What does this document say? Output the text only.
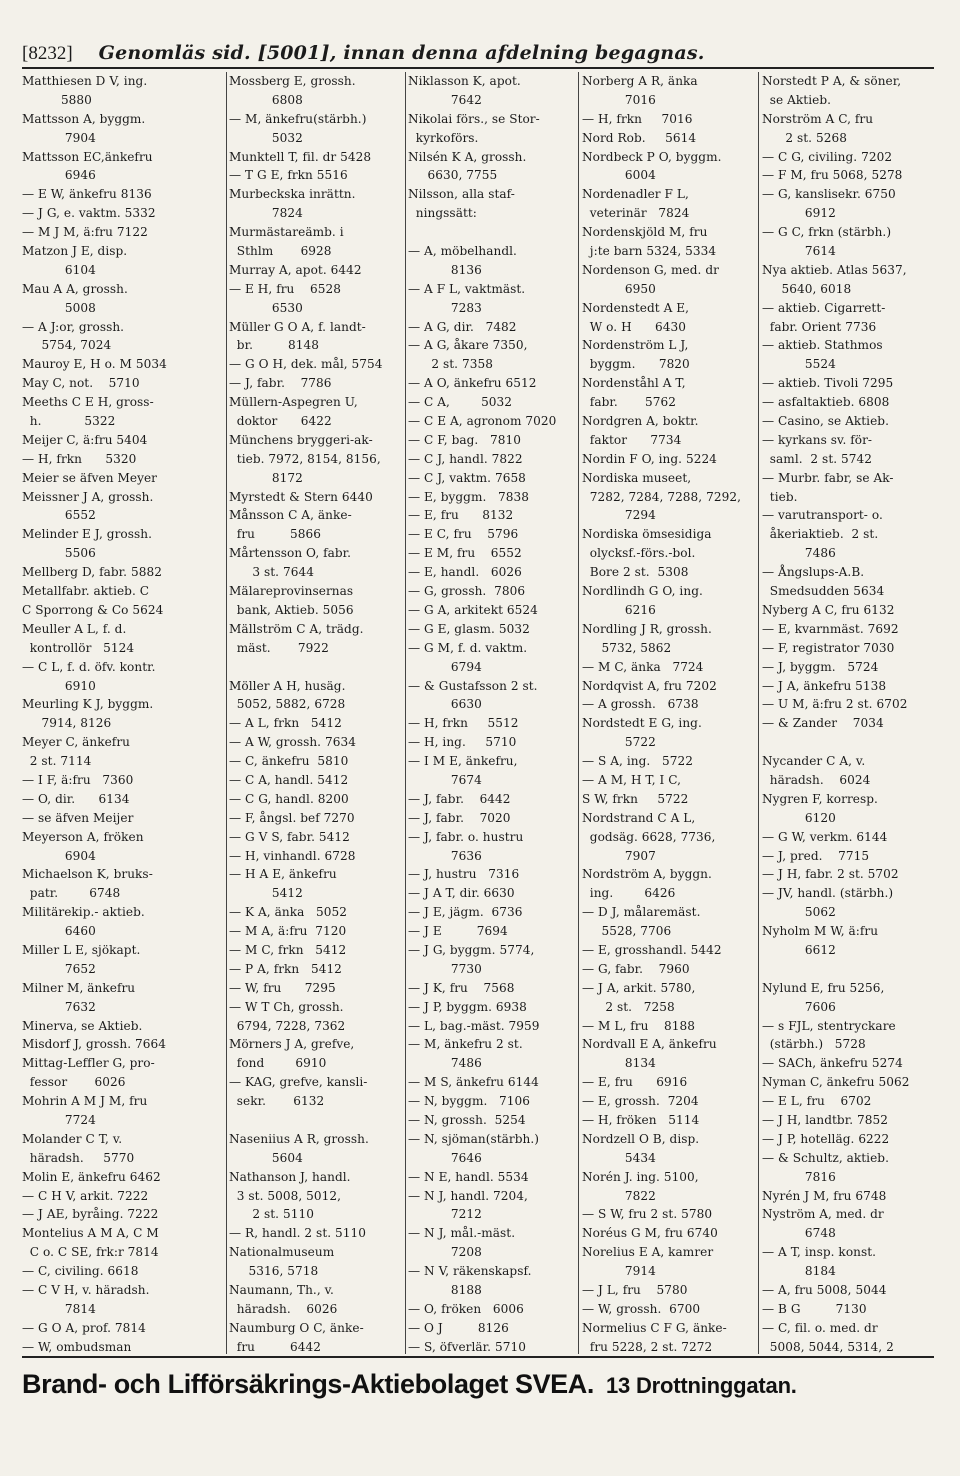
[8232] Genomläs sid. [5001], innan denna afdelning begagnas.
Matthiesen D V, ing.
5880
Mattsson A, byggm.
7904
Mattsson EC,änkefru
6946
— E W, änkefru 8136
— J G, e. vaktm. 5332
— M J M, ä:fru 7122
Matzon J E, disp.
6104
Mau A A, grossh.
5008
— A J:or, grossh.
5754, 7024
Mauroy E, H o. M 5034
May C, not.    5710
Meeths C E H, gross-
h.           5322
Meijer C, ä:fru 5404
— H, frkn      5320
Meier se äfven Meyer
Meissner J A, grossh.
6552
Melinder E J, grossh.
5506
Mellberg D, fabr. 5882
Metallfabr. aktieb. C
C Sporrong & Co 5624
Meuller A L, f. d.
kontrollör   5124
— C L, f. d. öfv. kontr.
6910
Meurling K J, byggm.
7914, 8126
Meyer C, änkefru
2 st. 7114
— I F, ä:fru   7360
— O, dir.      6134
— se äfven Meijer
Meyerson A, fröken
6904
Michaelson K, bruks-
patr.        6748
Militärekip.- aktieb.
6460
Miller L E, sjökapt.
7652
Milner M, änkefru
7632
Minerva, se Aktieb.
Misdorf J, grossh. 7664
Mittag-Leffler G, pro-
fessor       6026
Mohrin A M J M, fru
7724
Molander C T, v.
häradsh.     5770
Molin E, änkefru 6462
— C H V, arkit. 7222
— J AE, byråing. 7222
Montelius A M A, C M
C o. C SE, frk:r 7814
— C, civiling. 6618
— C V H, v. häradsh.
7814
— G O A, prof. 7814
— W, ombudsman
Mossberg E, grossh.
6808
— M, änkefru(stärbh.)
5032
Munktell T, fil. dr 5428
— T G E, frkn 5516
Murbeckska inrättn.
7824
Murmästareämb. i
Sthlm       6928
Murray A, apot. 6442
— E H, fru    6528
6530
Müller G O A, f. landt-
br.         8148
— G O H, dek. mål, 5754
— J, fabr.    7786
Müllern-Aspegren U,
doktor      6422
Münchens bryggeri-ak-
tieb. 7972, 8154, 8156,
8172
Myrstedt & Stern 6440
Månsson C A, änke-
fru         5866
Mårtensson O, fabr.
3 st. 7644
Mälareprovinsernas
bank, Aktieb. 5056
Mällström C A, trädg.
mäst.       7922
Möller A H, husäg.
5052, 5882, 6728
— A L, frkn   5412
— A W, grossh. 7634
— C, änkefru  5810
— C A, handl. 5412
— C G, handl. 8200
— F, ångsl. bef 7270
— G V S, fabr. 5412
— H, vinhandl. 6728
— H A E, änkefru
5412
— K A, änka   5052
— M A, ä:fru  7120
— M C, frkn   5412
— P A, frkn   5412
— W, fru      7295
— W T Ch, grossh.
6794, 7228, 7362
Mörners J A, grefve,
fond        6910
— KAG, grefve, kansli-
sekr.       6132
Naseniius A R, grossh.
5604
Nathanson J, handl.
3 st. 5008, 5012,
2 st. 5110
— R, handl. 2 st. 5110
Nationalmuseum
5316, 5718
Naumann, Th., v.
häradsh.    6026
Naumburg O C, änke-
fru         6442
Niklasson K, apot.
7642
Nikolai förs., se Stor-
kyrkoförs.
Nilsén K A, grossh.
6630, 7755
Nilsson, alla staf-
ningssätt:
— A, möbelhandl.
8136
— A F L, vaktmäst.
7283
— A G, dir.   7482
— A G, åkare 7350,
2 st. 7358
— A O, änkefru 6512
— C A,        5032
— C E A, agronom 7020
— C F, bag.   7810
— C J, handl. 7822
— C J, vaktm. 7658
— E, byggm.   7838
— E, fru      8132
— E C, fru    5796
— E M, fru    6552
— E, handl.   6026
— G, grossh.  7806
— G A, arkitekt 6524
— G E, glasm. 5032
— G M, f. d. vaktm.
6794
— & Gustafsson 2 st.
6630
— H, frkn     5512
— H, ing.     5710
— I M E, änkefru,
7674
— J, fabr.    6442
— J, fabr.    7020
— J, fabr. o. hustru
7636
— J, hustru   7316
— J A T, dir. 6630
— J E, jägm.  6736
— J E         7694
— J G, byggm. 5774,
7730
— J K, fru    7568
— J P, byggm. 6938
— L, bag.-mäst. 7959
— M, änkefru 2 st.
7486
— M S, änkefru 6144
— N, byggm.   7106
— N, grossh.  5254
— N, sjöman(stärbh.)
7646
— N E, handl. 5534
— N J, handl. 7204,
7212
— N J, mål.-mäst.
7208
— N V, räkenskapsf.
8188
— O, fröken   6006
— O J         8126
— S, öfverlär. 5710
Norberg A R, änka
7016
— H, frkn     7016
Nord Rob.     5614
Nordbeck P O, byggm.
6004
Nordenadler F L,
veterinär   7824
Nordenskjöld M, fru
j:te barn 5324, 5334
Nordenson G, med. dr
6950
Nordenstedt A E,
W o. H      6430
Nordenström L J,
byggm.      7820
Nordenståhl A T,
fabr.       5762
Nordgren A, boktr.
faktor      7734
Nordin F O, ing. 5224
Nordiska museet,
7282, 7284, 7288, 7292,
7294
Nordiska ömsesidiga
olycksf.-förs.-bol.
Bore 2 st.  5308
Nordlindh G O, ing.
6216
Nordling J R, grossh.
5732, 5862
— M C, änka   7724
Nordqvist A, fru 7202
— A grossh.   6738
Nordstedt E G, ing.
5722
— S A, ing.   5722
— A M, H T, I C,
S W, frkn     5722
Nordstrand C A L,
godsäg. 6628, 7736,
7907
Nordström A, byggn.
ing.        6426
— D J, målaremäst.
5528, 7706
— E, grosshandl. 5442
— G, fabr.    7960
— J A, arkit. 5780,
2 st.   7258
— M L, fru    8188
Nordvall E A, änkefru
8134
— E, fru      6916
— E, grossh.  7204
— H, fröken   5114
Nordzell O B, disp.
5434
Norén J. ing. 5100,
7822
— S W, fru 2 st. 5780
Noréus G M, fru 6740
Norelius E A, kamrer
7914
— J L, fru    5780
— W, grossh.  6700
Normelius C F G, änke-
fru 5228, 2 st. 7272
Norstedt P A, & söner,
se Aktieb.
Norström A C, fru
2 st. 5268
— C G, civiling. 7202
— F M, fru 5068, 5278
— G, kanslisekr. 6750
6912
— G C, frkn (stärbh.)
7614
Nya aktieb. Atlas 5637,
5640, 6018
— aktieb. Cigarrett-
fabr. Orient 7736
— aktieb. Stathmos
5524
— aktieb. Tivoli 7295
— asfaltaktieb. 6808
— Casino, se Aktieb.
— kyrkans sv. för-
saml.  2 st. 5742
— Murbr. fabr, se Ak-
tieb.
— varutransport- o.
åkeriaktieb.  2 st.
7486
— Ångslups-A.B.
Smedsudden 5634
Nyberg A C, fru 6132
— E, kvarnmäst. 7692
— F, registrator 7030
— J, byggm.   5724
— J A, änkefru 5138
— U M, ä:fru 2 st. 6702
— & Zander    7034
Nycander C A, v.
häradsh.    6024
Nygren F, korresp.
6120
— G W, verkm. 6144
— J, pred.    7715
— J H, fabr. 2 st. 5702
— JV, handl. (stärbh.)
5062
Nyholm M W, ä:fru
6612
Nylund E, fru 5256,
7606
— s FJL, stentryckare
(stärbh.)   5728
— SACh, änkefru 5274
Nyman C, änkefru 5062
— E L, fru    6702
— J H, landtbr. 7852
— J P, hotelläg. 6222
— & Schultz, aktieb.
7816
Nyrén J M, fru 6748
Nyström A, med. dr
6748
— A T, insp. konst.
8184
— A, fru 5008, 5044
— B G         7130
— C, fil. o. med. dr
5008, 5044, 5314, 2
Brand- och Lifförsäkrings-Aktiebolaget SVEA. 13 Drottninggatan.
